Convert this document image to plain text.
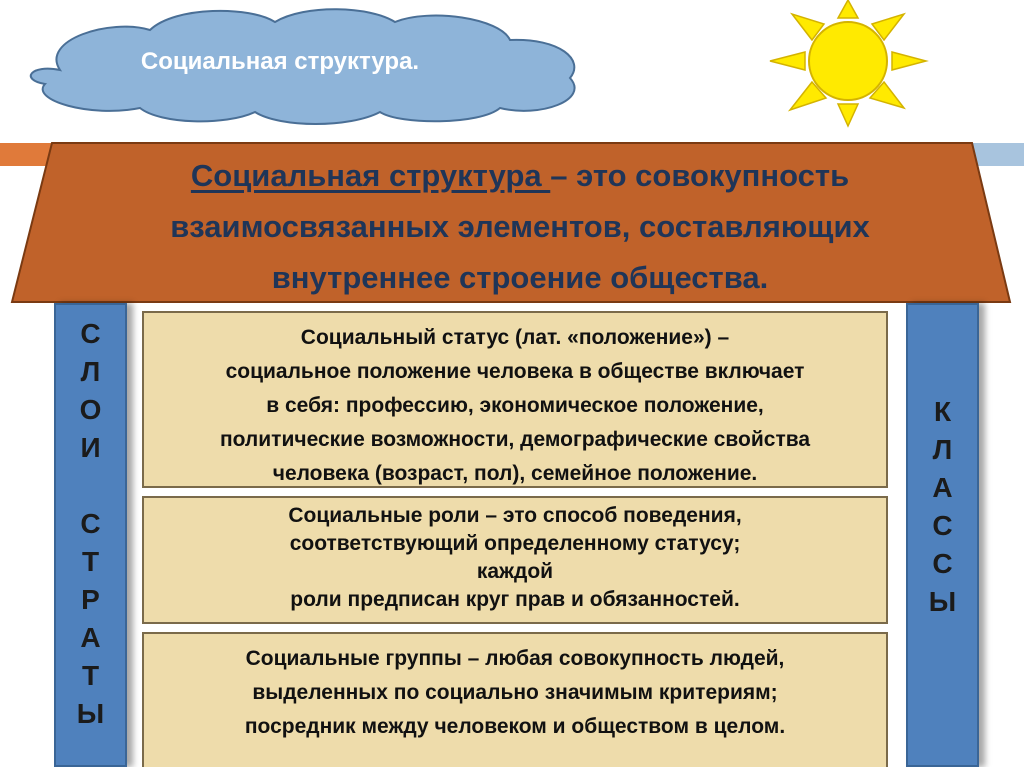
Социальная структура.
Социальная структура – это совокупность
взаимосвязанных элементов, составляющих
внутреннее строение общества.
С
Л
О
И
С
Т
Р
А
Т
Ы
К
Л
А
С
С
Ы
Социальный статус (лат. «положение») –
социальное положение человека в обществе включает
в себя: профессию, экономическое положение,
политические возможности, демографические свойства
человека (возраст, пол), семейное положение.
Социальные роли – это способ поведения,
соответствующий определенному статусу;
каждой
роли предписан круг прав и обязанностей.
Социальные группы – любая совокупность людей,
выделенных по социально значимым критериям;
посредник между человеком и обществом в целом.
